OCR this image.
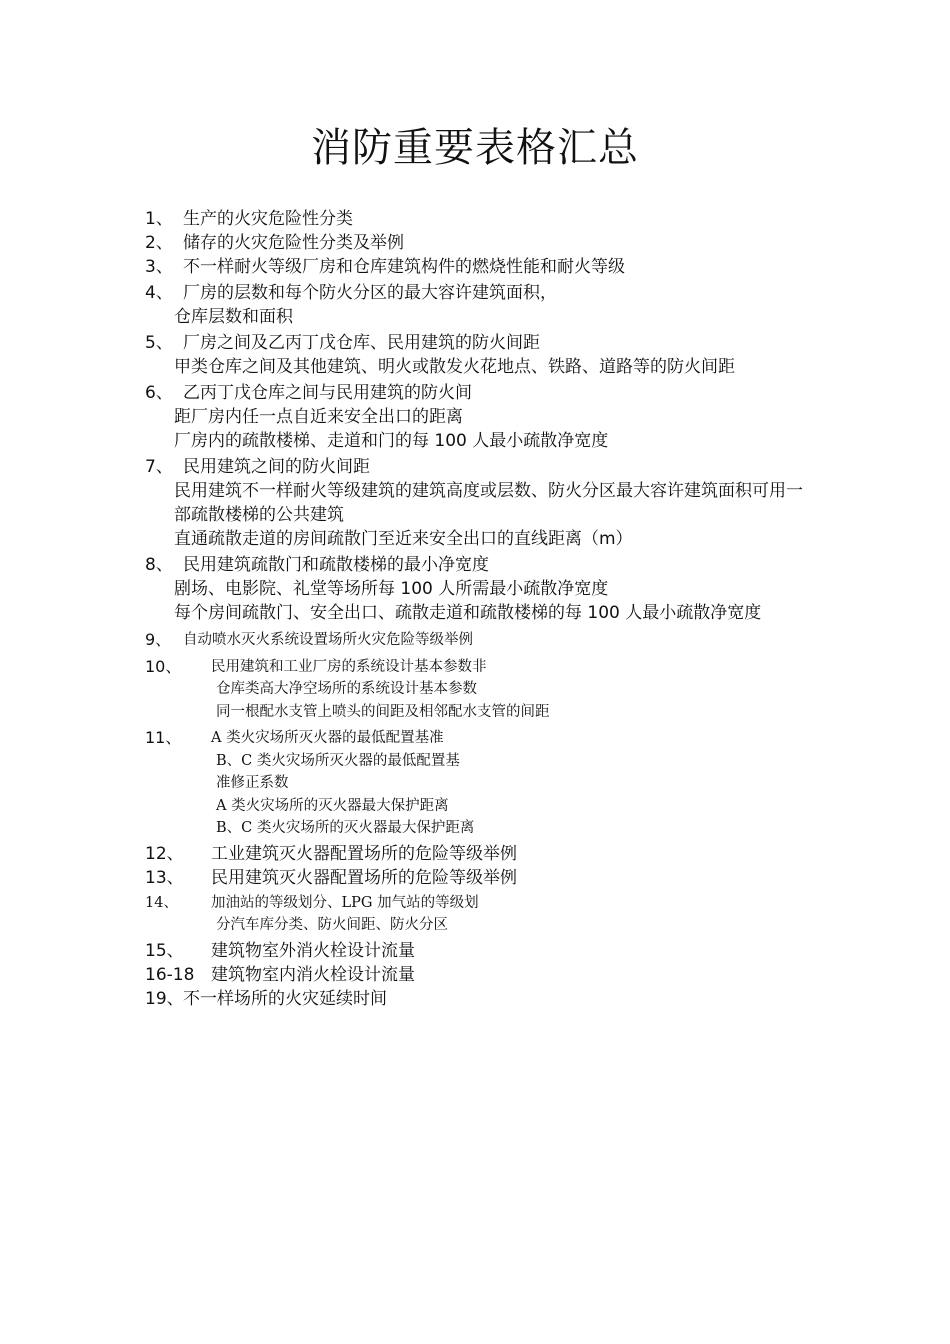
消防重要表格汇总
1、 生产的火灾危险性分类
2、 储存的火灾危险性分类及举例
3、 不一样耐火等级厂房和仓库建筑构件的燃烧性能和耐火等级
4、 厂房的层数和每个防火分区的最大容许建筑面积，
仓库层数和面积
5、 厂房之间及乙丙丁戊仓库、民用建筑的防火间距
甲类仓库之间及其他建筑、明火或散发火花地点、铁路、道路等的防火间距
6、 乙丙丁戊仓库之间与民用建筑的防火间
距厂房内任一点自近来安全出口的距离
厂房内的疏散楼梯、走道和门的每 100 人最小疏散净宽度
7、 民用建筑之间的防火间距
民用建筑不一样耐火等级建筑的建筑高度或层数、防火分区最大容许建筑面积可用一部疏散楼梯的公共建筑
直通疏散走道的房间疏散门至近来安全出口的直线距离（m）
8、 民用建筑疏散门和疏散楼梯的最小净宽度
剧场、电影院、礼堂等场所每 100 人所需最小疏散净宽度
每个房间疏散门、安全出口、疏散走道和疏散楼梯的每 100 人最小疏散净宽度
9、 自动喷水灭火系统设置场所火灾危险等级举例
10、	民用建筑和工业厂房的系统设计基本参数非
仓库类高大净空场所的系统设计基本参数
同一根配水支管上喷头的间距及相邻配水支管的间距
11、	A 类火灾场所灭火器的最低配置基准
B、C 类火灾场所灭火器的最低配置基
准修正系数
A 类火灾场所的灭火器最大保护距离
B、C 类火灾场所的灭火器最大保护距离
12、	工业建筑灭火器配置场所的危险等级举例
13、	民用建筑灭火器配置场所的危险等级举例
14、	加油站的等级划分、LPG 加气站的等级划
分汽车库分类、防火间距、防火分区
15、	建筑物室外消火栓设计流量
16-18 建筑物室内消火栓设计流量
19、 不一样场所的火灾延续时间
